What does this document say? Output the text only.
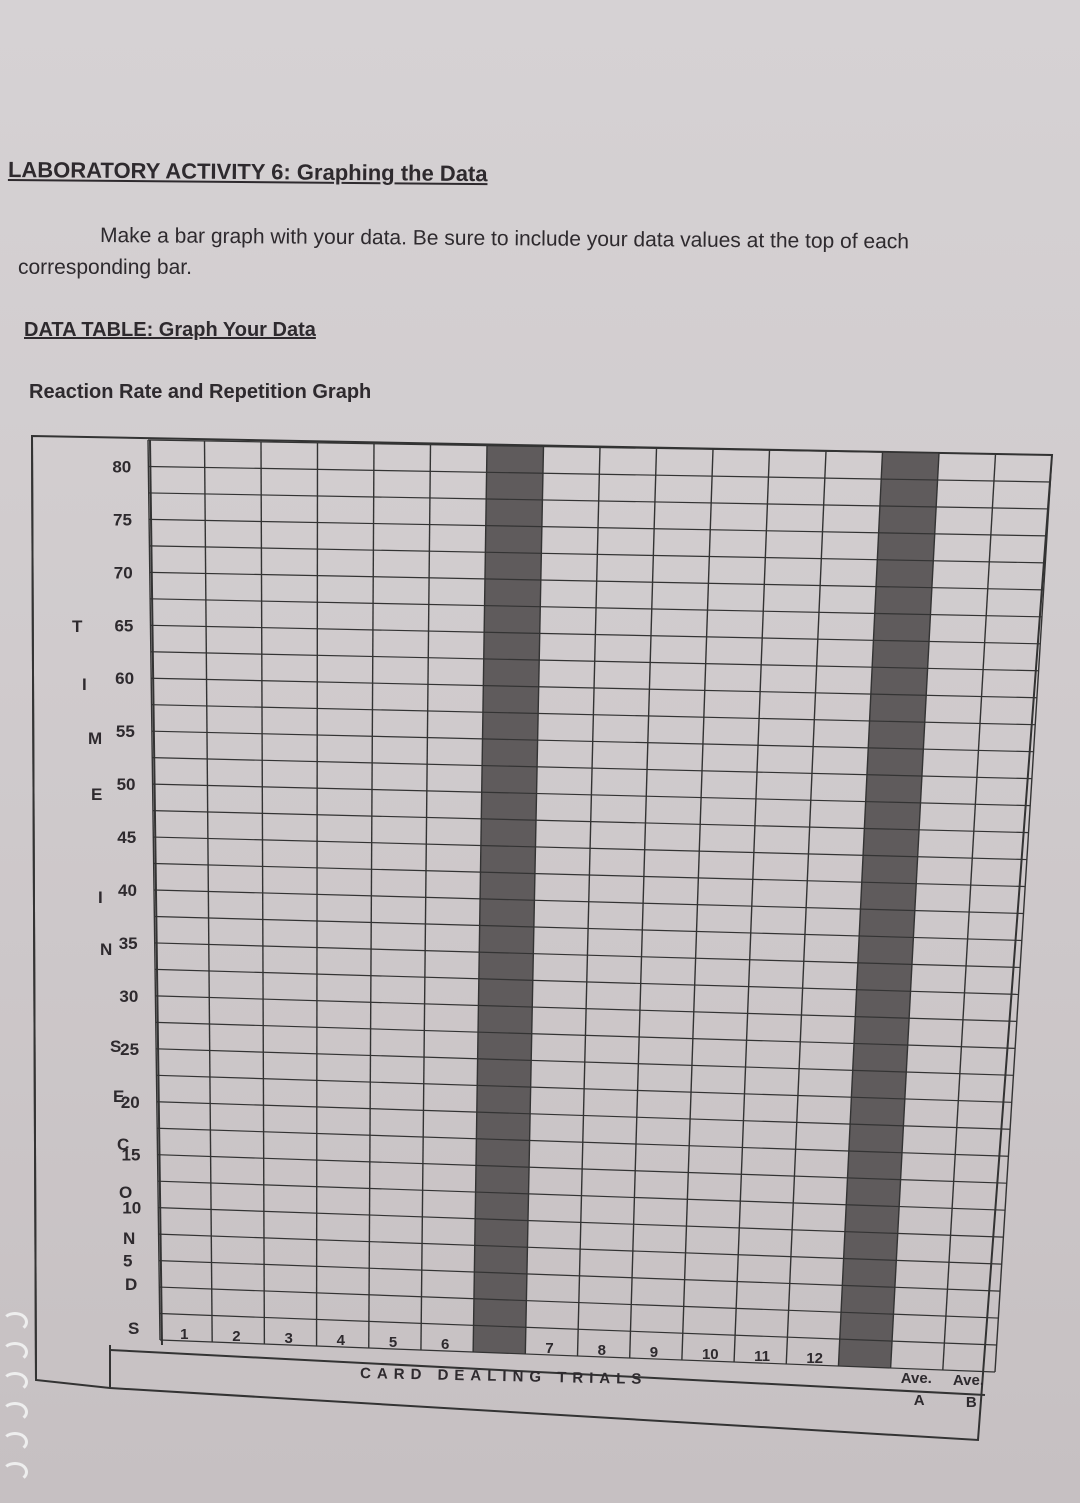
LABORATORY ACTIVITY 6: Graphing the Data
Make a bar graph with your data. Be sure to include your data values at the top of each
corresponding bar.
DATA TABLE: Graph Your Data
Reaction Rate and Repetition Graph
80
75
70
65
60
55
50
45
40
35
30
25
20
15
10
5
T
I
M
E
I
N
S
E
C
O
N
D
S	1	2	3	4	5	6	7	8	9	10 11 12
Ave.
A
Ave.
B
CARD DEALING TRIALS
